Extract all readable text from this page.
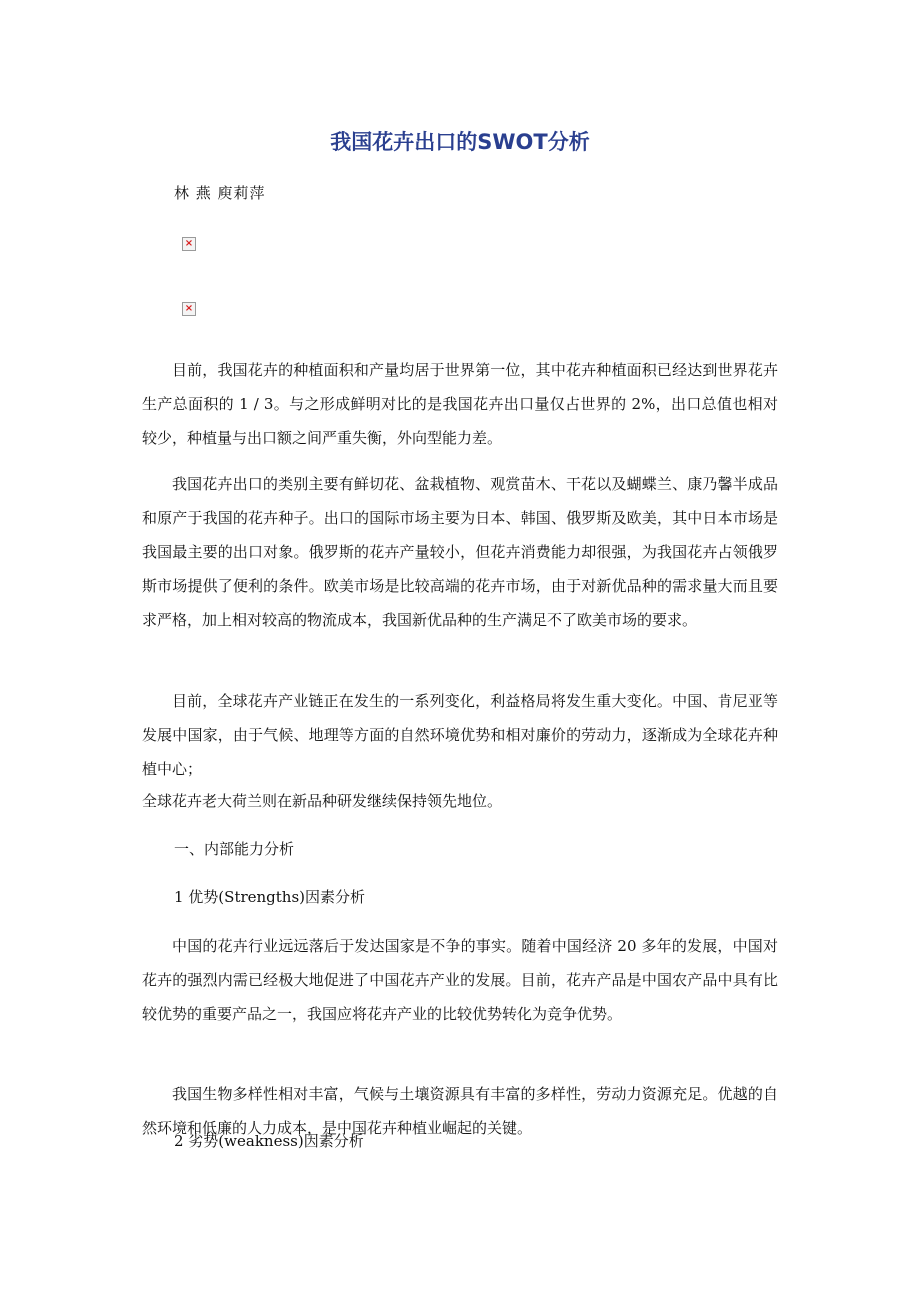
我国花卉出口的SWOT分析

林 燕 庾莉萍

×
×

目前，我国花卉的种植面积和产量均居于世界第一位，其中花卉种植面积已经达到世界花卉生产总面积的 1 / 3。与之形成鲜明对比的是我国花卉出口量仅占世界的 2%，出口总值也相对较少，种植量与出口额之间严重失衡，外向型能力差。

我国花卉出口的类别主要有鲜切花、盆栽植物、观赏苗木、干花以及蝴蝶兰、康乃馨半成品和原产于我国的花卉种子。出口的国际市场主要为日本、韩国、俄罗斯及欧美，其中日本市场是我国最主要的出口对象。俄罗斯的花卉产量较小，但花卉消费能力却很强，为我国花卉占领俄罗斯市场提供了便利的条件。欧美市场是比较高端的花卉市场，由于对新优品种的需求量大而且要求严格，加上相对较高的物流成本，我国新优品种的生产满足不了欧美市场的要求。

目前，全球花卉产业链正在发生的一系列变化，利益格局将发生重大变化。中国、肯尼亚等发展中国家，由于气候、地理等方面的自然环境优势和相对廉价的劳动力，逐渐成为全球花卉种植中心；

全球花卉老大荷兰则在新品种研发继续保持领先地位。

一、内部能力分析

1 优势(Strengths)因素分析

中国的花卉行业远远落后于发达国家是不争的事实。随着中国经济 20 多年的发展，中国对花卉的强烈内需已经极大地促进了中国花卉产业的发展。目前，花卉产品是中国农产品中具有比较优势的重要产品之一，我国应将花卉产业的比较优势转化为竞争优势。

我国生物多样性相对丰富，气候与土壤资源具有丰富的多样性，劳动力资源充足。优越的自然环境和低廉的人力成本，是中国花卉种植业崛起的关键。

2 劣势(weakness)因素分析
